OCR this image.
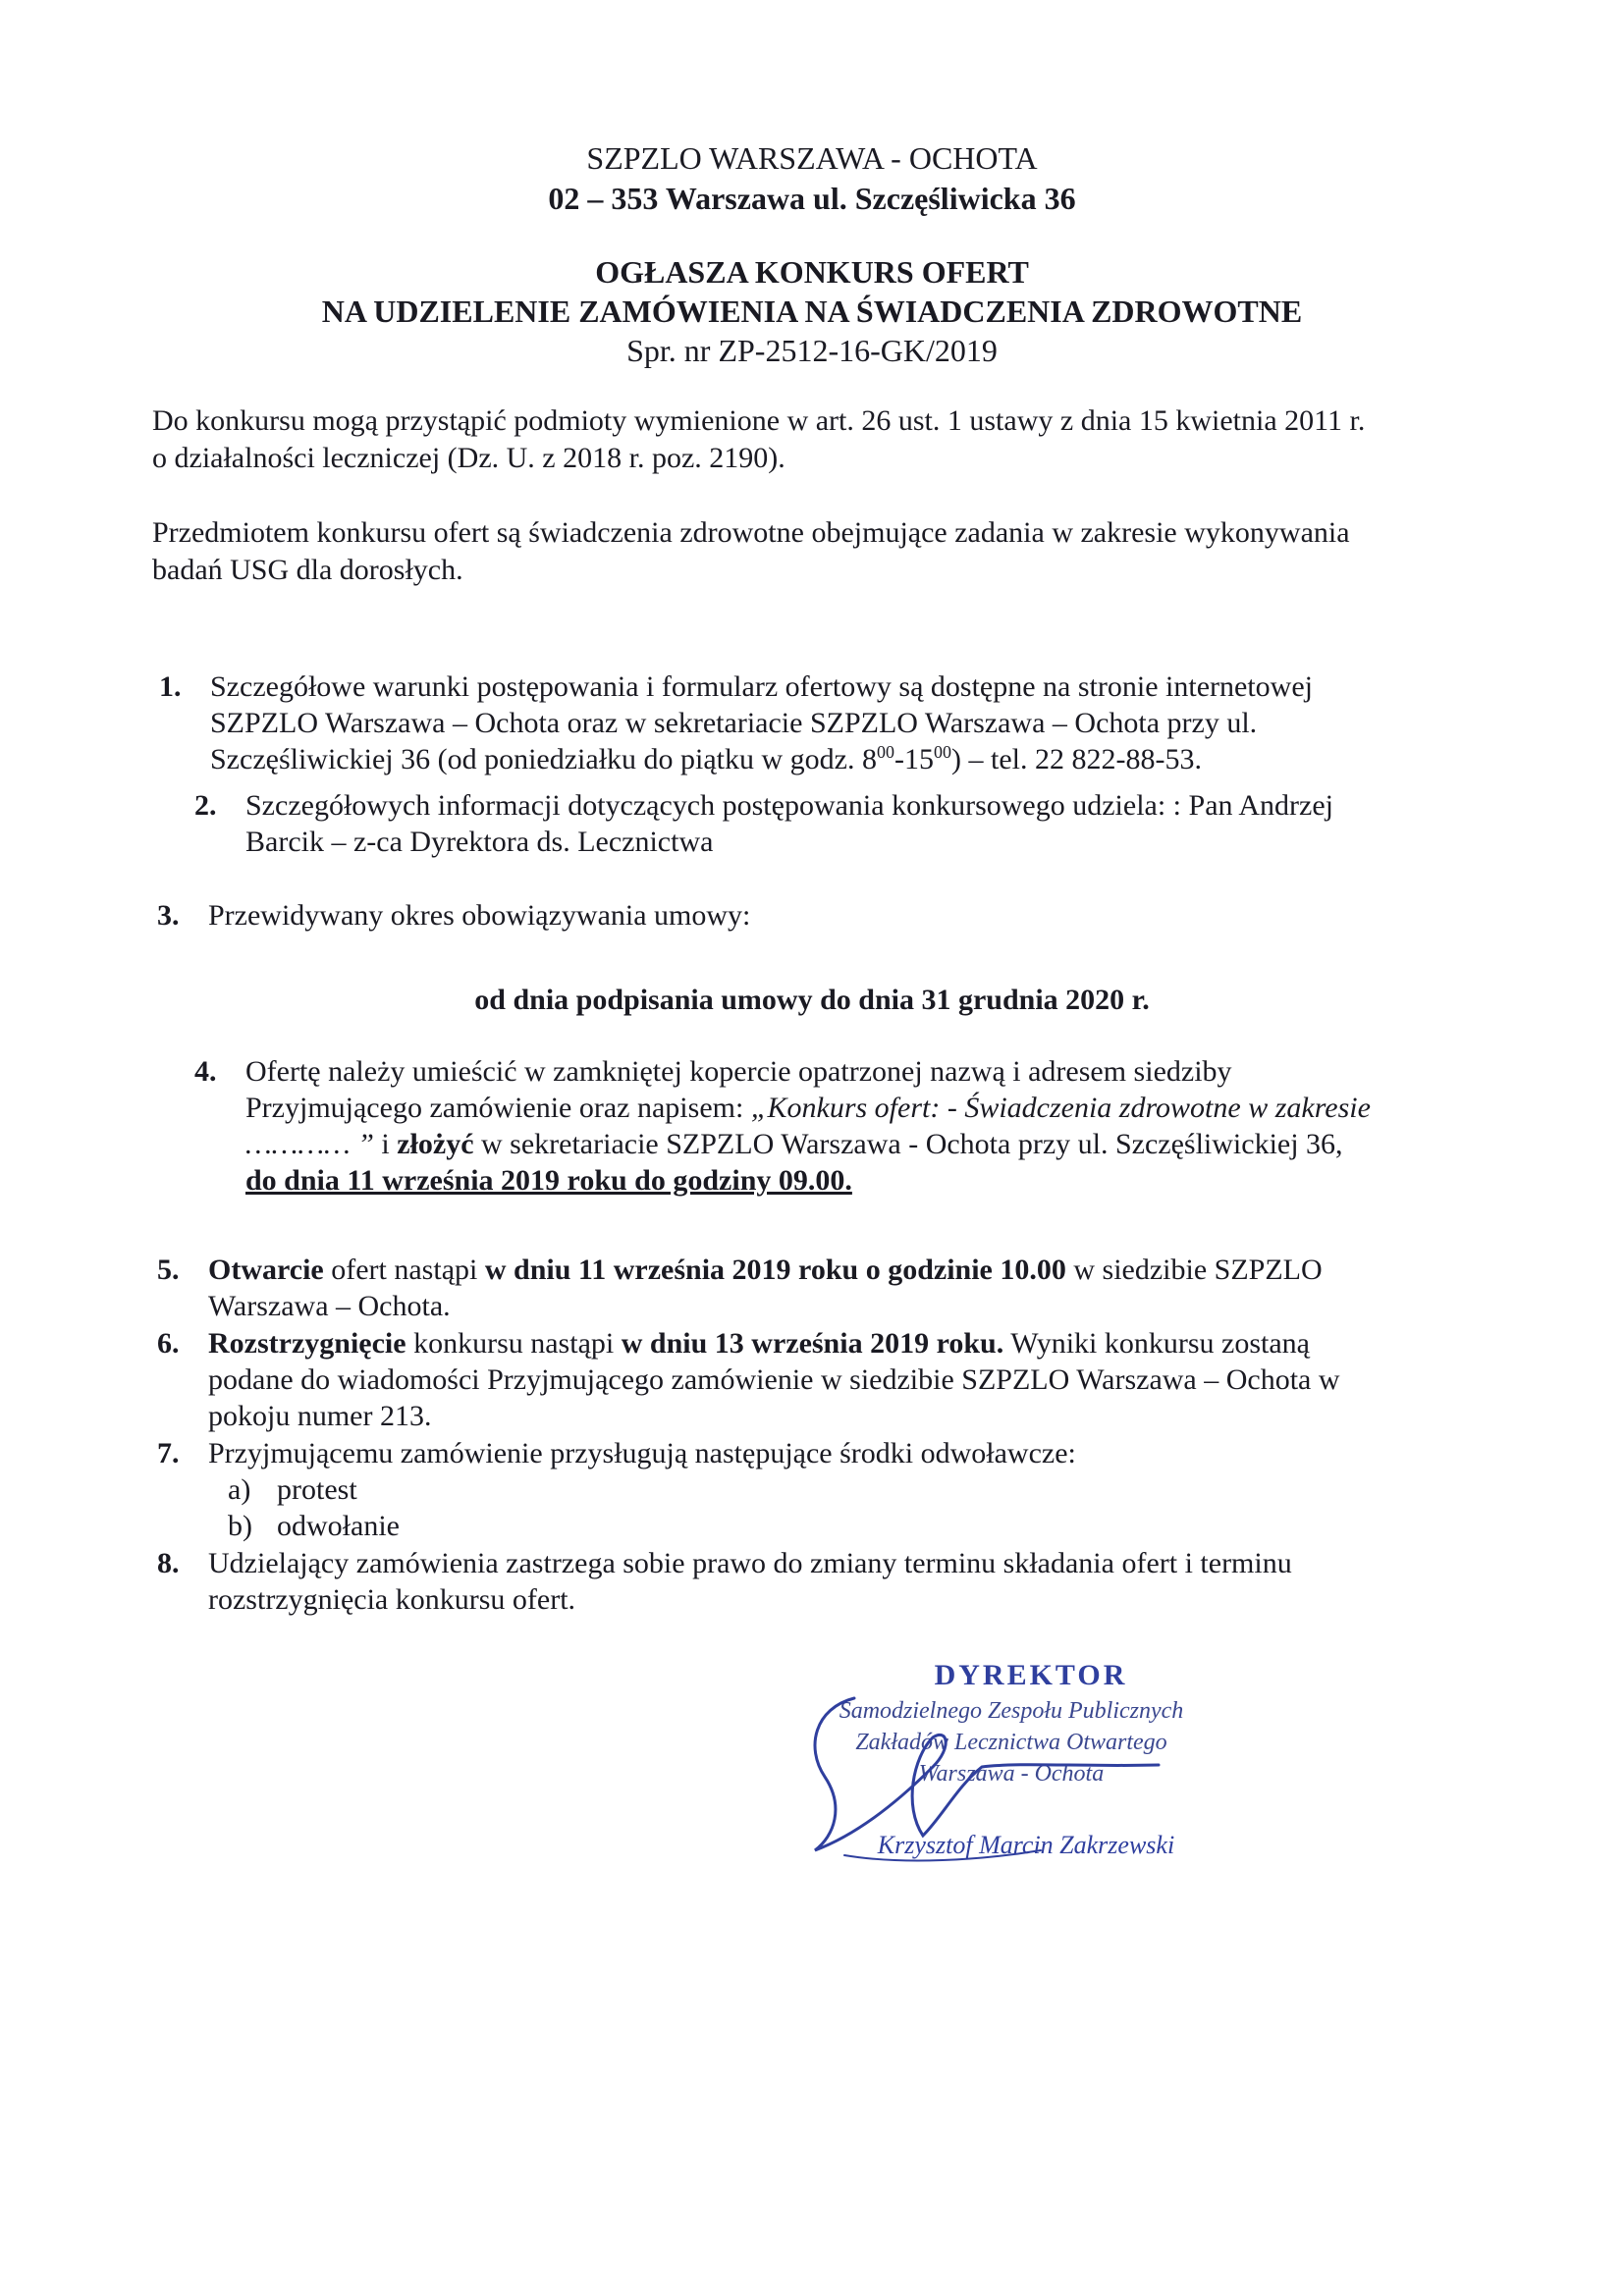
SZPZLO WARSZAWA - OCHOTA
02 – 353 Warszawa ul. Szczęśliwicka 36
OGŁASZA KONKURS OFERT
NA UDZIELENIE ZAMÓWIENIA NA ŚWIADCZENIA ZDROWOTNE
Spr. nr ZP-2512-16-GK/2019
Do konkursu mogą przystąpić podmioty wymienione w art. 26 ust. 1 ustawy z dnia 15 kwietnia 2011 r.
o działalności leczniczej (Dz. U. z 2018 r. poz. 2190).
Przedmiotem konkursu ofert są świadczenia zdrowotne obejmujące zadania w zakresie wykonywania
badań USG dla dorosłych.
1. Szczegółowe warunki postępowania i formularz ofertowy są dostępne na stronie internetowej
SZPZLO Warszawa – Ochota oraz w sekretariacie SZPZLO Warszawa – Ochota przy ul.
Szczęśliwickiej 36 (od poniedziałku do piątku w godz. $8^{00}-15^{00}$) – tel. 22 822-88-53.
2. Szczegółowych informacji dotyczących postępowania konkursowego udziela: : Pan Andrzej
Barcik – z-ca Dyrektora ds. Lecznictwa
3. Przewidywany okres obowiązywania umowy:
od dnia podpisania umowy do dnia 31 grudnia 2020 r.
4. Ofertę należy umieścić w zamkniętej kopercie opatrzonej nazwą i adresem siedziby
Przyjmującego zamówienie oraz napisem: „Konkurs ofert: - Świadczenia zdrowotne w zakresie
………… ” i złożyć w sekretariacie SZPZLO Warszawa - Ochota przy ul. Szczęśliwickiej 36,
do dnia 11 września 2019 roku do godziny 09.00.
5. Otwarcie ofert nastąpi w dniu 11 września 2019 roku o godzinie 10.00 w siedzibie SZPZLO
Warszawa – Ochota.
6. Rozstrzygnięcie konkursu nastąpi w dniu 13 września 2019 roku. Wyniki konkursu zostaną
podane do wiadomości Przyjmującego zamówienie w siedzibie SZPZLO Warszawa – Ochota w
pokoju numer 213.
7. Przyjmującemu zamówienie przysługują następujące środki odwoławcze:
a) protest
b) odwołanie
8. Udzielający zamówienia zastrzega sobie prawo do zmiany terminu składania ofert i terminu
rozstrzygnięcia konkursu ofert.
DYREKTOR
Samodzielnego Zespołu Publicznych
Zakładów Lecznictwa Otwartego
Warszawa - Ochota
Krzysztof Marcin Zakrzewski
